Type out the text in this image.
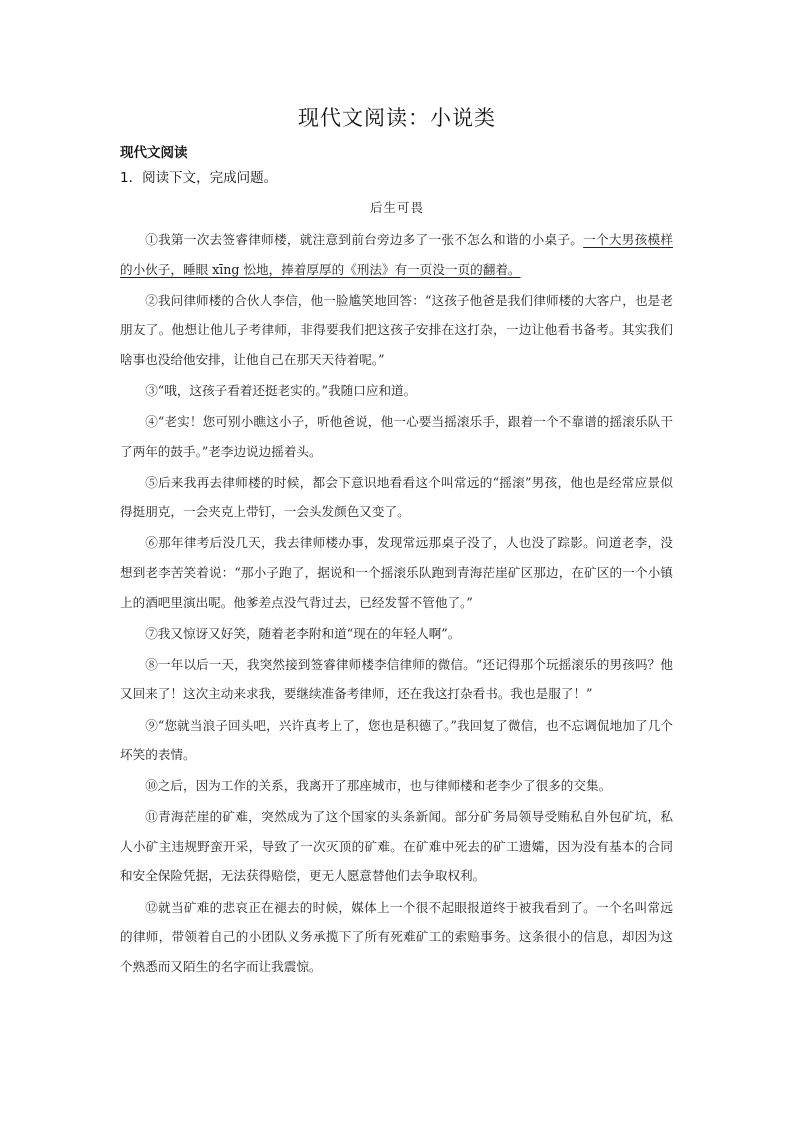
现代文阅读：小说类
现代文阅读
1．阅读下文，完成问题。
后生可畏

①我第一次去签睿律师楼，就注意到前台旁边多了一张不怎么和谐的小桌子。一个大男孩模样的小伙子，睡眼 xīng 忪地，捧着厚厚的《刑法》有一页没一页的翻着。

②我问律师楼的合伙人李信，他一脸尴笑地回答：“这孩子他爸是我们律师楼的大客户，也是老朋友了。他想让他儿子考律师，非得要我们把这孩子安排在这打杂，一边让他看书备考。其实我们啥事也没给他安排，让他自己在那天天待着呢。”

③“哦，这孩子看着还挺老实的。”我随口应和道。

④“老实！您可别小瞧这小子，听他爸说，他一心要当摇滚乐手，跟着一个不靠谱的摇滚乐队干了两年的鼓手。”老李边说边摇着头。

⑤后来我再去律师楼的时候，都会下意识地看看这个叫常远的“摇滚”男孩，他也是经常应景似得挺朋克，一会夹克上带钉，一会头发颜色又变了。

⑥那年律考后没几天，我去律师楼办事，发现常远那桌子没了，人也没了踪影。问道老李，没想到老李苦笑着说：“那小子跑了，据说和一个摇滚乐队跑到青海茫崖矿区那边，在矿区的一个小镇上的酒吧里演出呢。他爹差点没气背过去，已经发誓不管他了。”

⑦我又惊讶又好笑，随着老李附和道“现在的年轻人啊”。

⑧一年以后一天，我突然接到签睿律师楼李信律师的微信。“还记得那个玩摇滚乐的男孩吗？他又回来了！这次主动来求我，要继续准备考律师，还在我这打杂看书。我也是服了！”

⑨“您就当浪子回头吧，兴许真考上了，您也是积德了。”我回复了微信，也不忘调侃地加了几个坏笑的表情。

⑩之后，因为工作的关系，我离开了那座城市，也与律师楼和老李少了很多的交集。

⑪青海茫崖的矿难，突然成为了这个国家的头条新闻。部分矿务局领导受贿私自外包矿坑，私人小矿主违规野蛮开采，导致了一次灭顶的矿难。在矿难中死去的矿工遗孀，因为没有基本的合同和安全保险凭据，无法获得赔偿，更无人愿意替他们去争取权利。

⑫就当矿难的悲哀正在褪去的时候，媒体上一个很不起眼报道终于被我看到了。一个名叫常远的律师，带领着自己的小团队义务承揽下了所有死难矿工的索赔事务。这条很小的信息，却因为这个熟悉而又陌生的名字而让我震惊。
